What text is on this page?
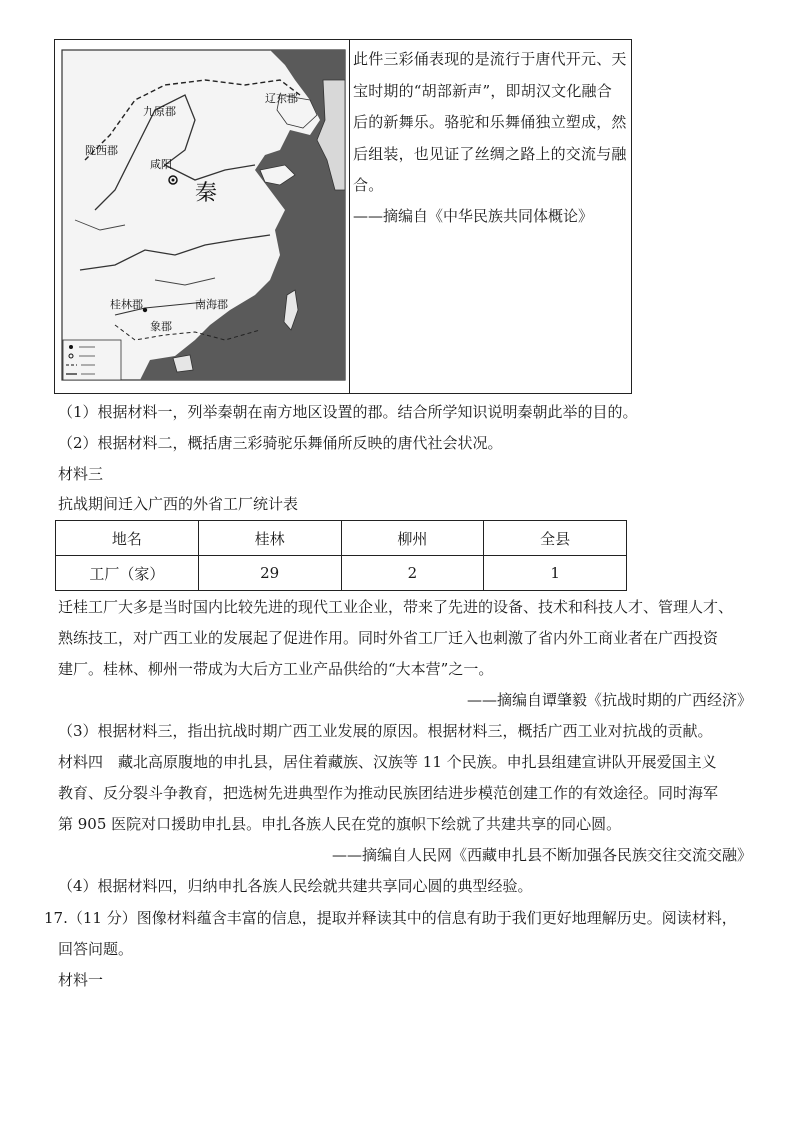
九原郡
陇西郡
咸阳
辽东郡
秦
桂林郡	南海郡
象郡
此件三彩俑表现的是流行于唐代开元、天
宝时期的“胡部新声”，即胡汉文化融合
后的新舞乐。骆驼和乐舞俑独立塑成，然
后组装，也见证了丝绸之路上的交流与融
合。
——摘编自《中华民族共同体概论》
（1）根据材料一，列举秦朝在南方地区设置的郡。结合所学知识说明秦朝此举的目的。
（2）根据材料二，概括唐三彩骑驼乐舞俑所反映的唐代社会状况。
材料三
抗战期间迁入广西的外省工厂统计表
地名	桂林	柳州	全县
工厂（家）	29	2	1
迁桂工厂大多是当时国内比较先进的现代工业企业，带来了先进的设备、技术和科技人才、管理人才、
熟练技工，对广西工业的发展起了促进作用。同时外省工厂迁入也刺激了省内外工商业者在广西投资
建厂。桂林、柳州一带成为大后方工业产品供给的“大本营”之一。
——摘编自谭肇毅《抗战时期的广西经济》
（3）根据材料三，指出抗战时期广西工业发展的原因。根据材料三，概括广西工业对抗战的贡献。
材料四　藏北高原腹地的申扎县，居住着藏族、汉族等 11 个民族。申扎县组建宣讲队开展爱国主义
教育、反分裂斗争教育，把选树先进典型作为推动民族团结进步模范创建工作的有效途径。同时海军
第 905 医院对口援助申扎县。申扎各族人民在党的旗帜下绘就了共建共享的同心圆。
——摘编自人民网《西藏申扎县不断加强各民族交往交流交融》
（4）根据材料四，归纳申扎各族人民绘就共建共享同心圆的典型经验。
17.（11 分）图像材料蕴含丰富的信息，提取并释读其中的信息有助于我们更好地理解历史。阅读材料，
回答问题。
材料一
